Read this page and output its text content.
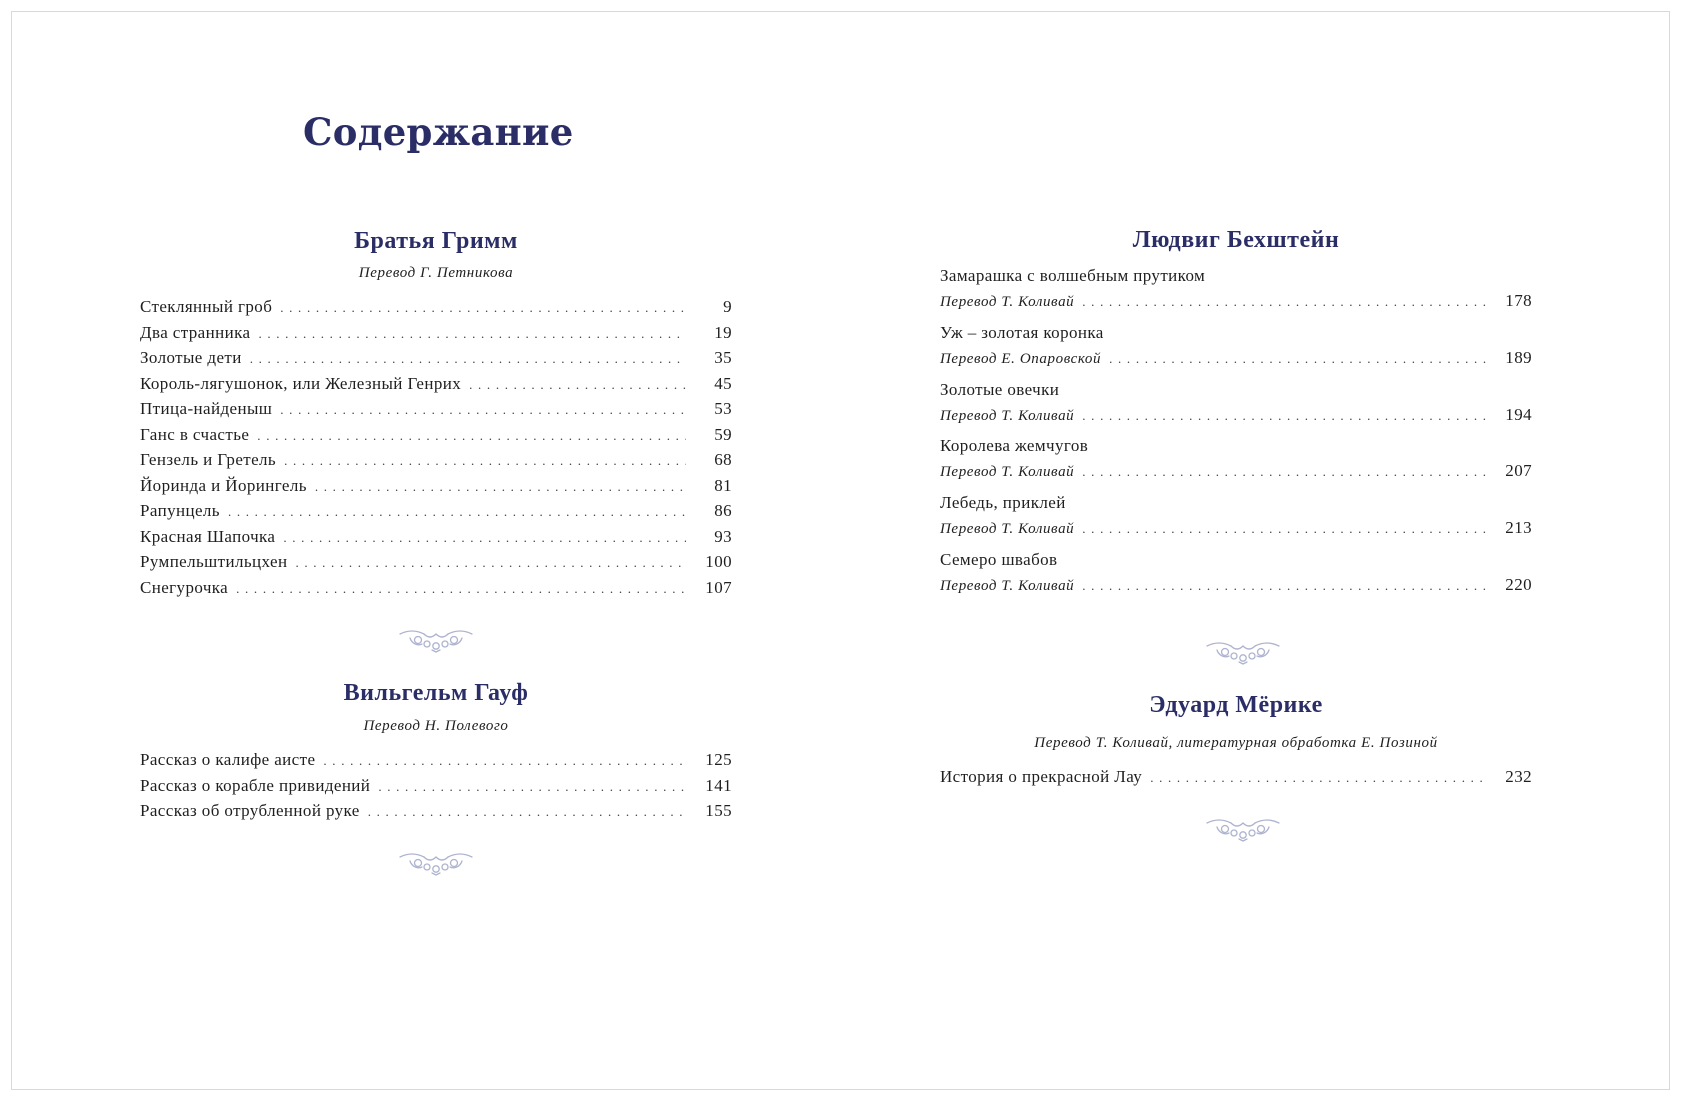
Содержание
Братья Гримм

Перевод Г. Петникова

Стеклянный гроб . . .	9
Два странника . . .	19
Золотые дети . . .	35
Король-лягушонок, или Железный Генрих . . .	45
Птица-найденыш . . .	53
Ганс в счастье . . .	59
Гензель и Гретель . . .	68
Йоринда и Йорингель . . .	81
Рапунцель . . .	86
Красная Шапочка . . .	93
Румпельштильцхен . . .	100
Снегурочка . . .	107
Вильгельм Гауф

Перевод Н. Полевого

Рассказ о калифе аисте . . .	125
Рассказ о корабле привидений . . .	141
Рассказ об отрубленной руке . . .	155
Людвиг Бехштейн
Замарашка с волшебным прутиком
Перевод Т. Коливай . . .	178
Уж – золотая коронка
Перевод Е. Опаровской . . .	189
Золотые овечки
Перевод Т. Коливай . . .	194
Королева жемчугов
Перевод Т. Коливай . . .	207
Лебедь, приклей
Перевод Т. Коливай . . .	213
Семеро швабов
Перевод Т. Коливай . . .	220
Эдуард Мёрике

Перевод Т. Коливай, литературная обработка Е. Позиной

История о прекрасной Лау . . .	232
